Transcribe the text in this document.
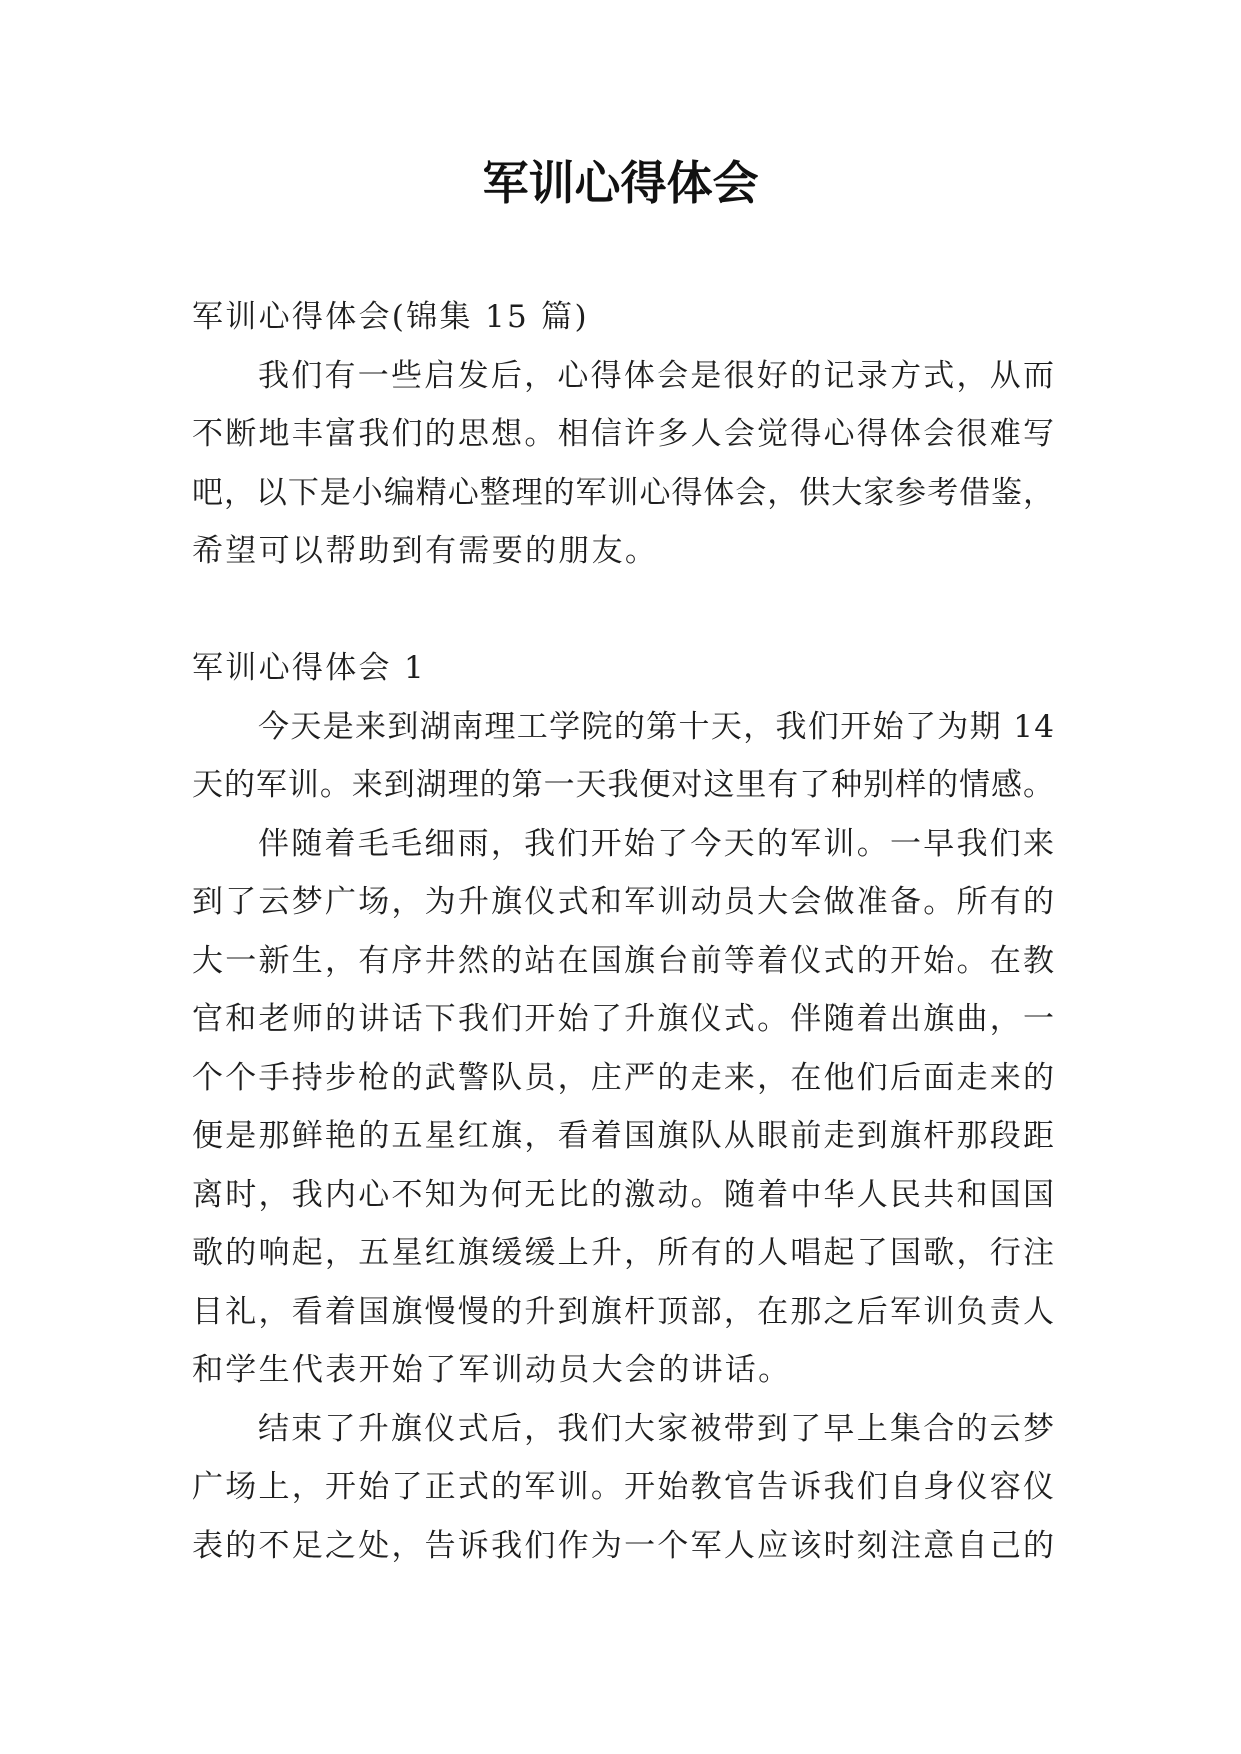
军训心得体会
军训心得体会(锦集 15 篇)
我们有一些启发后，心得体会是很好的记录方式，从而
不断地丰富我们的思想。相信许多人会觉得心得体会很难写
吧，以下是小编精心整理的军训心得体会，供大家参考借鉴，
希望可以帮助到有需要的朋友。
军训心得体会 1
今天是来到湖南理工学院的第十天，我们开始了为期 14
天的军训。来到湖理的第一天我便对这里有了种别样的情感。
伴随着毛毛细雨，我们开始了今天的军训。一早我们来
到了云梦广场，为升旗仪式和军训动员大会做准备。所有的
大一新生，有序井然的站在国旗台前等着仪式的开始。在教
官和老师的讲话下我们开始了升旗仪式。伴随着出旗曲，一
个个手持步枪的武警队员，庄严的走来，在他们后面走来的
便是那鲜艳的五星红旗，看着国旗队从眼前走到旗杆那段距
离时，我内心不知为何无比的激动。随着中华人民共和国国
歌的响起，五星红旗缓缓上升，所有的人唱起了国歌，行注
目礼，看着国旗慢慢的升到旗杆顶部，在那之后军训负责人
和学生代表开始了军训动员大会的讲话。
结束了升旗仪式后，我们大家被带到了早上集合的云梦
广场上，开始了正式的军训。开始教官告诉我们自身仪容仪
表的不足之处，告诉我们作为一个军人应该时刻注意自己的
